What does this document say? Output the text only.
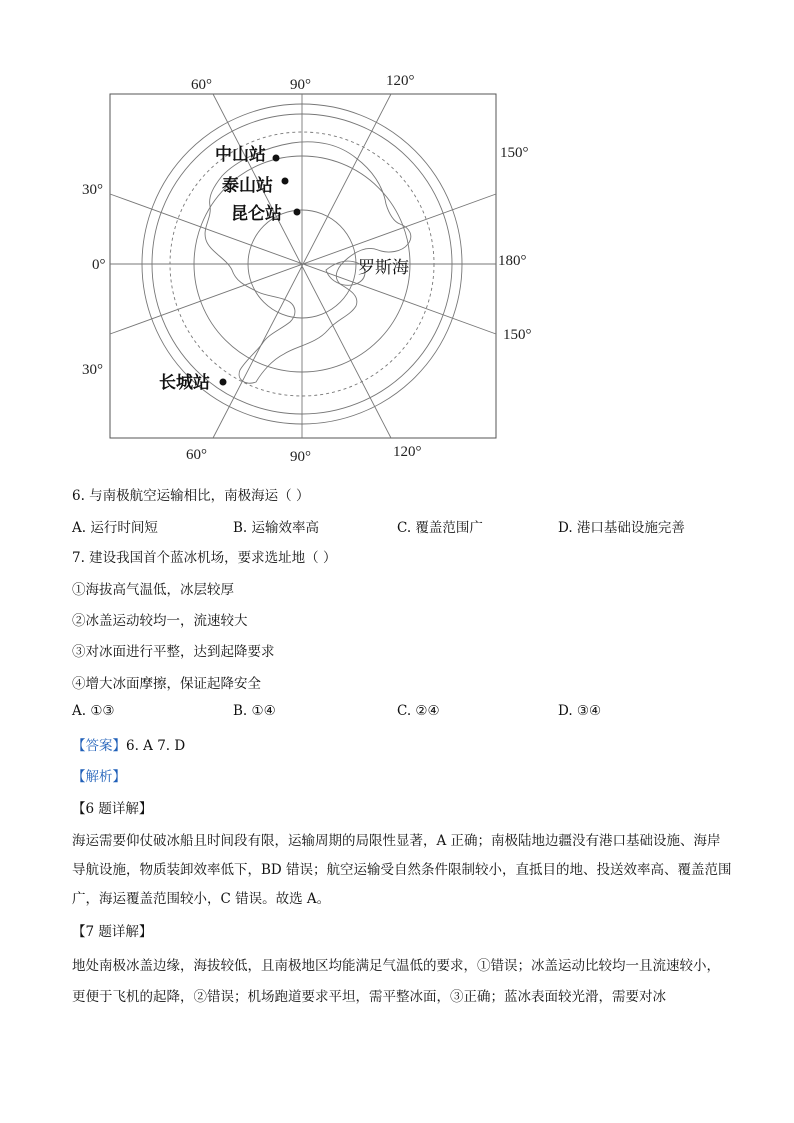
中山站
泰山站
昆仑站
长城站
罗斯海
60°	90°	120°
60°	90°	120°
30°
0°
30°
150°
180°
150°
6. 与南极航空运输相比，南极海运（ ）
A. 运行时间短	B. 运输效率高	C. 覆盖范围广	D. 港口基础设施完善
7. 建设我国首个蓝冰机场，要求选址地（ ）
①海拔高气温低，冰层较厚
②冰盖运动较均一，流速较大
③对冰面进行平整，达到起降要求
④增大冰面摩擦，保证起降安全
A. ①③	B. ①④	C. ②④	D. ③④
【答案】6. A 7. D
【解析】
【6 题详解】
海运需要仰仗破冰船且时间段有限，运输周期的局限性显著，A 正确；南极陆地边疆没有港口基础设施、海岸导航设施，物质装卸效率低下，BD 错误；航空运输受自然条件限制较小，直抵目的地、投送效率高、覆盖范围广，海运覆盖范围较小，C 错误。故选 A。
【7 题详解】
地处南极冰盖边缘，海拔较低，且南极地区均能满足气温低的要求，①错误；冰盖运动比较均一且流速较小，更便于飞机的起降，②错误；机场跑道要求平坦，需平整冰面，③正确；蓝冰表面较光滑，需要对冰
